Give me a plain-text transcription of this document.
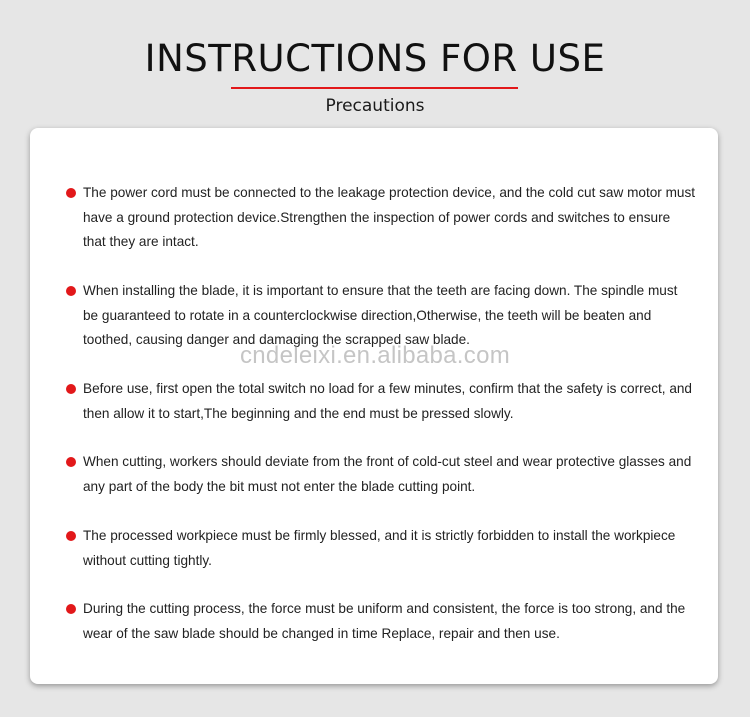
INSTRUCTIONS FOR USE
Precautions
The power cord must be connected to the leakage protection device, and the cold cut saw motor must have a ground protection device.Strengthen the inspection of power cords and switches to ensure that they are intact.
When installing the blade, it is important to ensure that the teeth are facing down. The spindle must be guaranteed to rotate in a counterclockwise direction,Otherwise, the teeth will be beaten and toothed, causing danger and damaging the scrapped saw blade.
Before use, first open the total switch no load for a few minutes, confirm that the safety is correct, and then allow it to start,The beginning and the end must be pressed slowly.
When cutting, workers should deviate from the front of cold-cut steel and wear protective glasses and any part of the body the bit must not enter the blade cutting point.
The processed workpiece must be firmly blessed, and it is strictly forbidden to install the workpiece without cutting tightly.
During the cutting process, the force must be uniform and consistent, the force is too strong, and the wear of the saw blade should be changed in time Replace, repair and then use.
cndeleixi.en.alibaba.com
